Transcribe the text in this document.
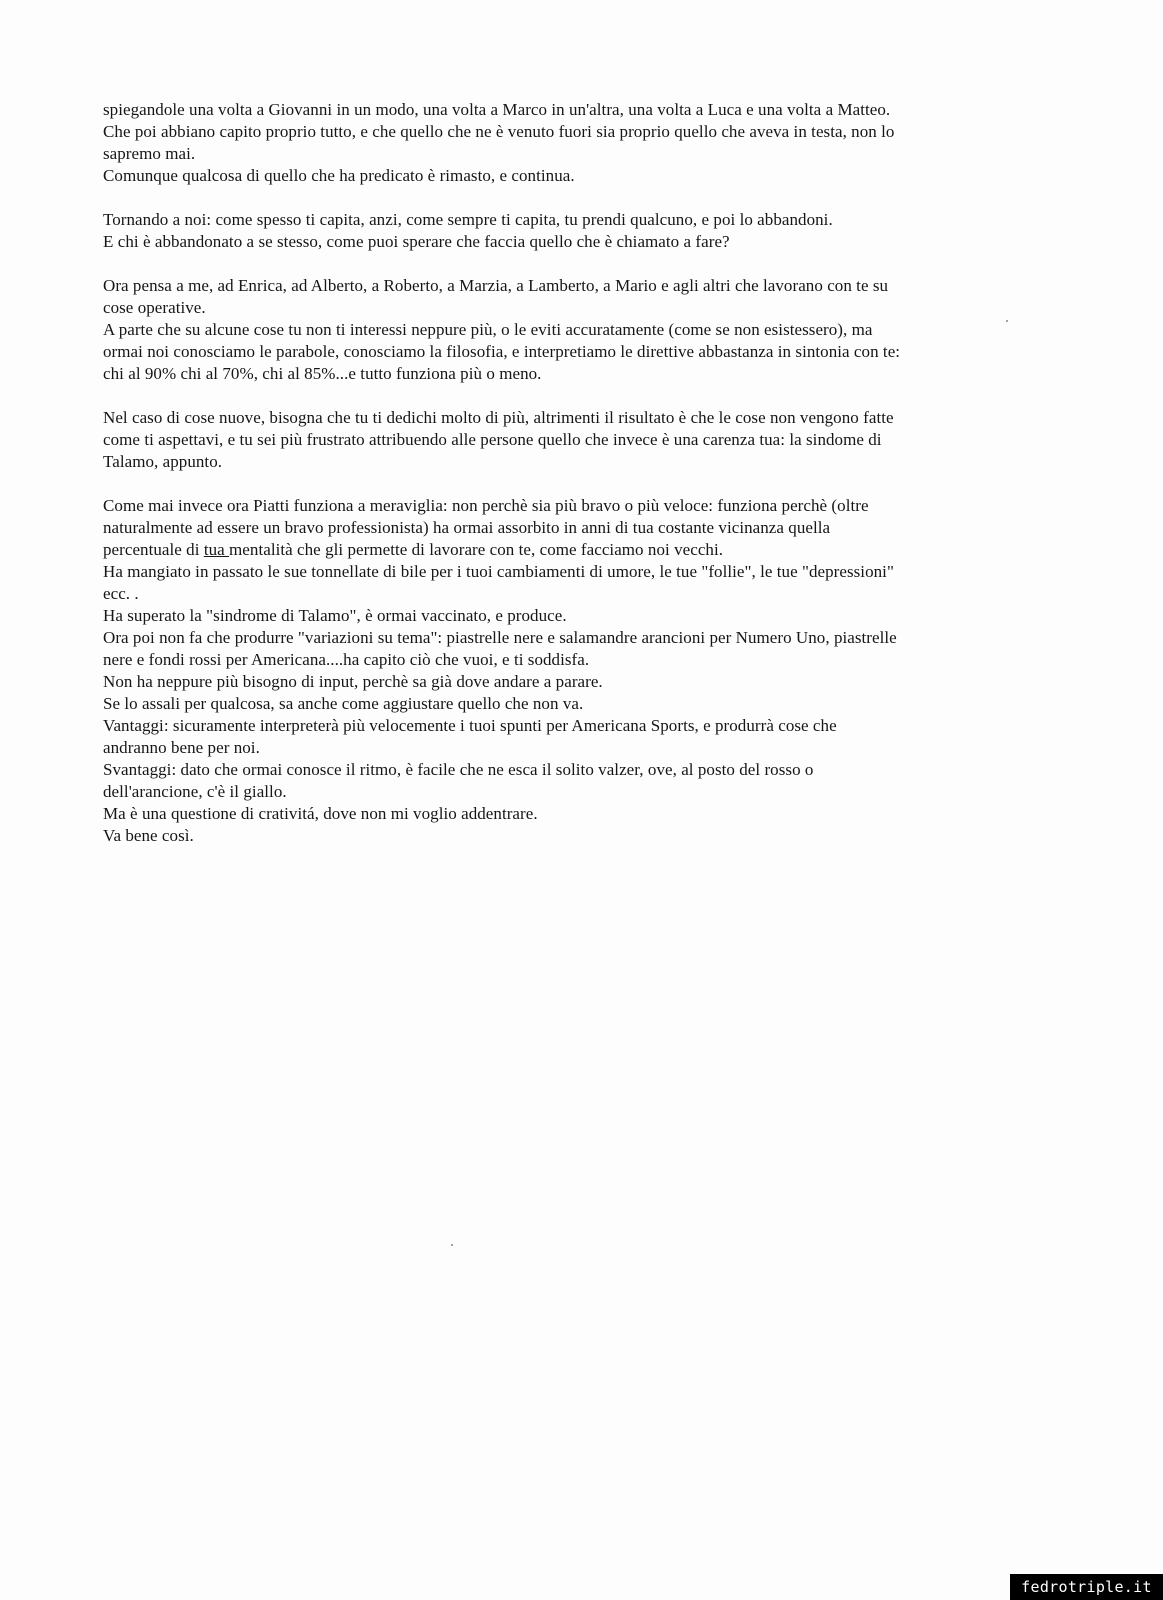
spiegandole una volta a Giovanni in un modo, una volta a Marco in un'altra, una volta a Luca e una volta a Matteo.
Che poi abbiano capito proprio tutto, e che quello che ne è venuto fuori sia proprio quello che aveva in testa, non lo
sapremo mai.
Comunque qualcosa di quello che ha predicato è rimasto, e continua.
Tornando a noi: come spesso ti capita, anzi, come sempre ti capita, tu prendi qualcuno, e poi lo abbandoni.
E chi è abbandonato a se stesso, come puoi sperare che faccia quello che è chiamato a fare?
Ora pensa a me, ad Enrica, ad Alberto, a Roberto, a Marzia, a Lamberto, a Mario e agli altri che lavorano con te su
cose operative.
A parte che su alcune cose tu non ti interessi neppure più, o le eviti accuratamente (come se non esistessero), ma
ormai noi conosciamo le parabole, conosciamo la filosofia, e interpretiamo le direttive abbastanza in sintonia con te:
chi al 90% chi al 70%, chi al 85%...e tutto funziona più o meno.
Nel caso di cose nuove, bisogna che tu ti dedichi molto di più, altrimenti il risultato è che le cose non vengono fatte
come ti aspettavi, e tu sei più frustrato attribuendo alle persone quello che invece è una carenza tua: la sindome di
Talamo, appunto.
Come mai invece ora Piatti funziona a meraviglia: non perchè sia più bravo o più veloce: funziona perchè (oltre
naturalmente ad essere un bravo professionista) ha ormai assorbito in anni di tua costante vicinanza quella
percentuale di tua mentalità che gli permette di lavorare con te, come facciamo noi vecchi.
Ha mangiato in passato le sue tonnellate di bile per i tuoi cambiamenti di umore, le tue "follie", le tue "depressioni"
ecc. .
Ha superato la "sindrome di Talamo", è ormai vaccinato, e produce.
Ora poi non fa che produrre "variazioni su tema": piastrelle nere e salamandre arancioni per Numero Uno, piastrelle
nere e fondi rossi per Americana....ha capito ciò che vuoi, e ti soddisfa.
Non ha neppure più bisogno di input, perchè sa già dove andare a parare.
Se lo assali per qualcosa, sa anche come aggiustare quello che non va.
Vantaggi: sicuramente interpreterà più velocemente i tuoi spunti per Americana Sports, e produrrà cose che
andranno bene per noi.
Svantaggi: dato che ormai conosce il ritmo, è facile che ne esca il solito valzer, ove, al posto del rosso o
dell'arancione, c'è il giallo.
Ma è una questione di crativitá, dove non mi voglio addentrare.
Va bene così.
fedrotriple.it
